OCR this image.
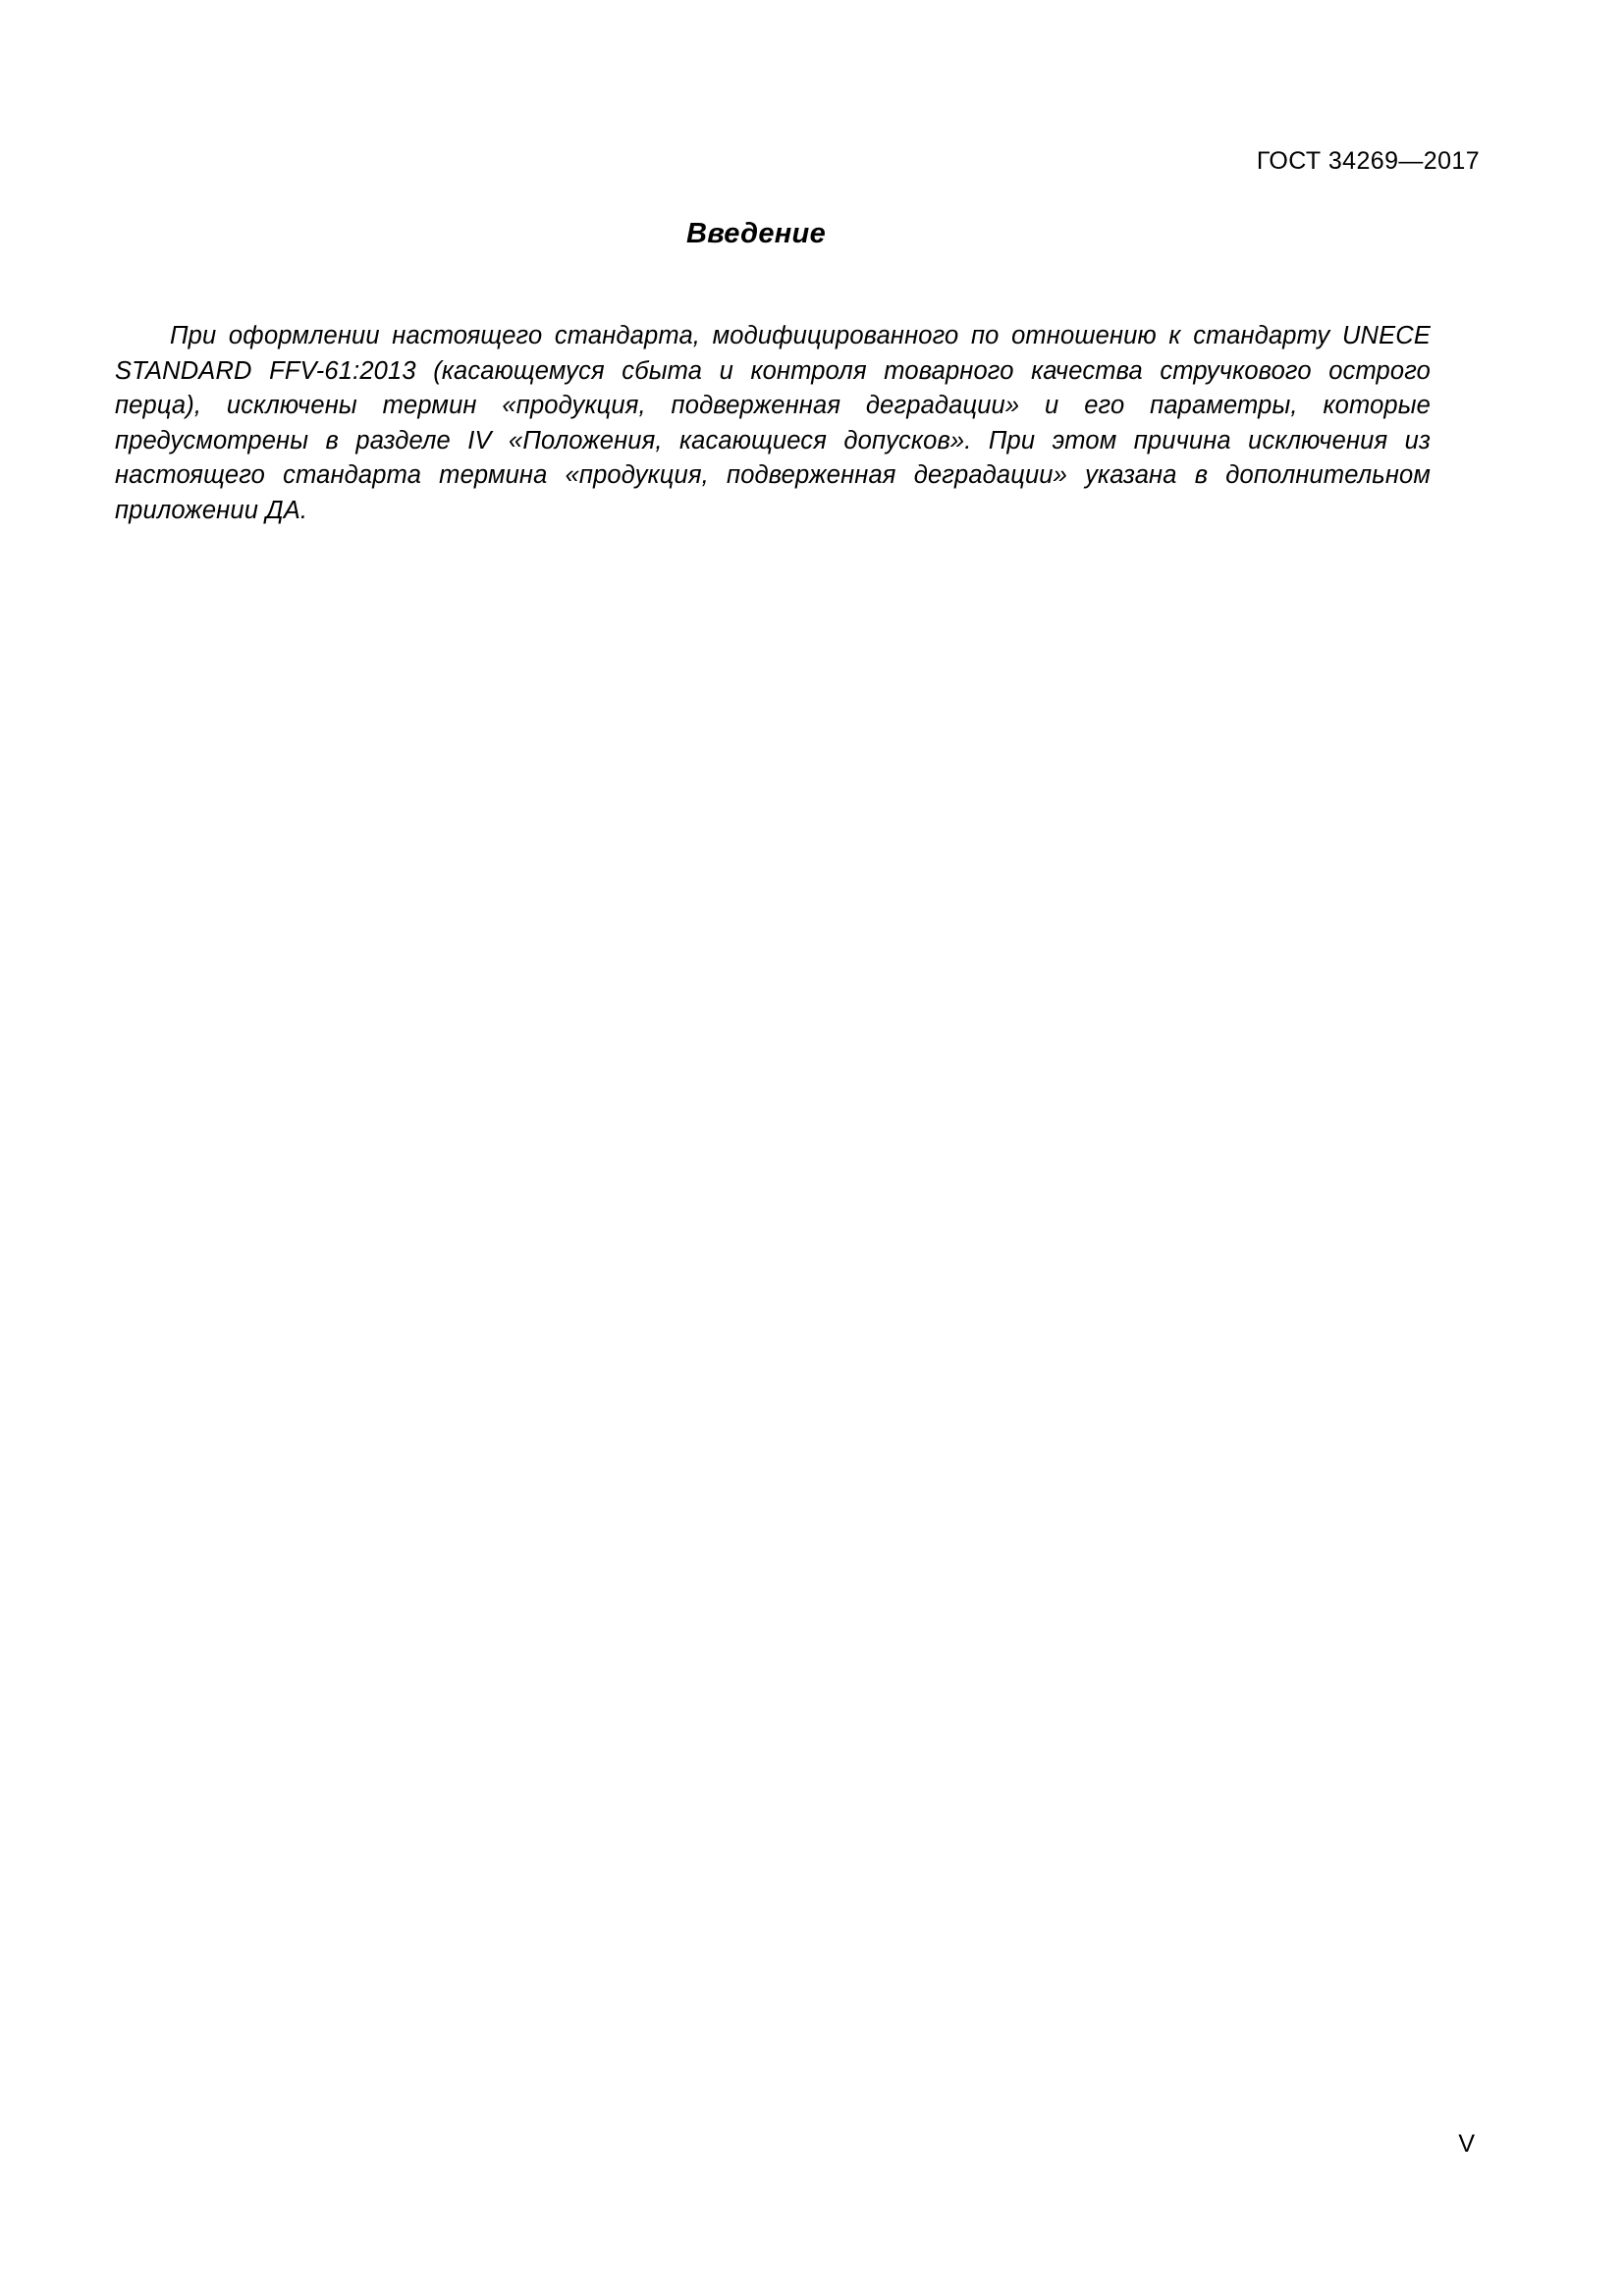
ГОСТ 34269—2017
Введение

При оформлении настоящего стандарта, модифицированного по отношению к стандарту UNECE STANDARD FFV-61:2013 (касающемуся сбыта и контроля товарного качества стручкового острого перца), исключены термин «продукция, подверженная деградации» и его параметры, которые предусмотрены в разделе IV «Положения, касающиеся допусков». При этом причина исключения из настоящего стандарта термина «продукция, подверженная деградации» указана в дополнительном приложении ДА.

V
